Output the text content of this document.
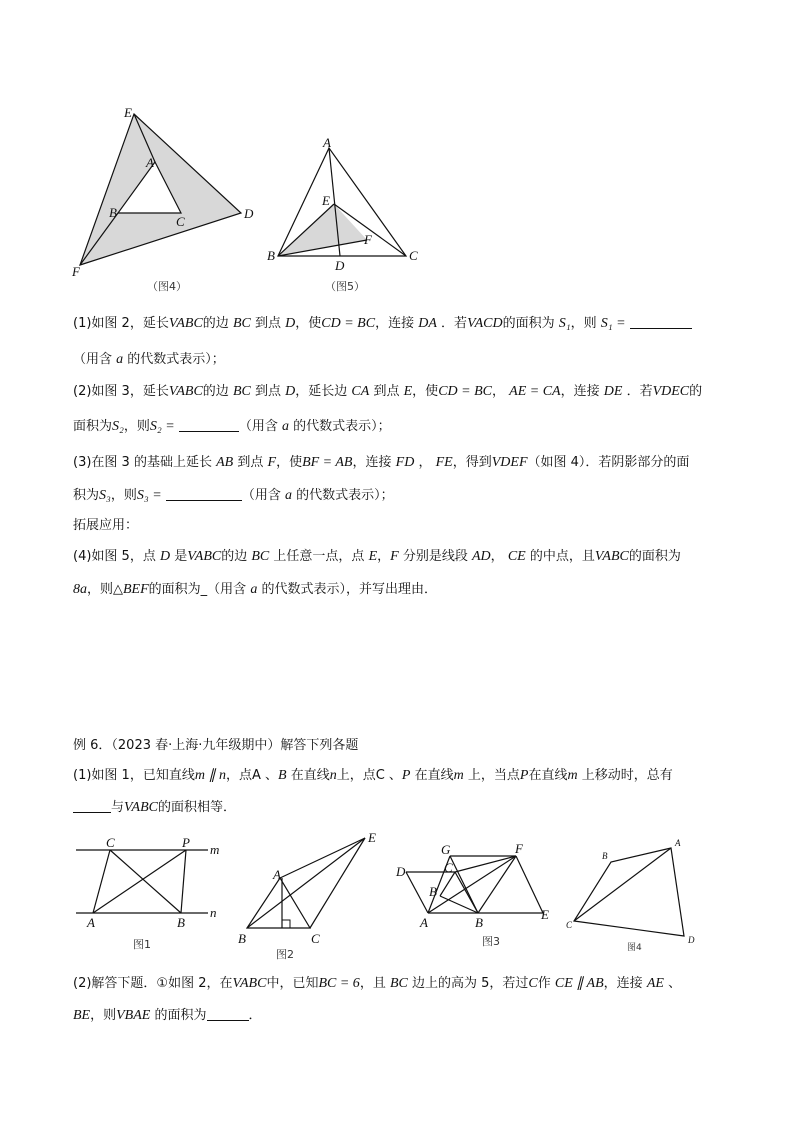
E
A
B
C
D
F
（图4）
A
E
F
B
D
C
（图5）
(1)如图 2，延长VABC的边 BC 到点 D，使CD = BC，连接 DA ．若VACD的面积为 S₁，则 S₁ =
（用含 a 的代数式表示）；
(2)如图 3，延长VABC的边 BC 到点 D，延长边 CA 到点 E，使CD = BC， AE = CA，连接 DE ．若VDEC的
面积为S₂，则S₂ =	（用含 a 的代数式表示）；
(3)在图 3 的基础上延长 AB 到点 F，使BF = AB，连接 FD ， FE，得到VDEF（如图 4）．若阴影部分的面
积为S₃，则S₃ =	（用含 a 的代数式表示）；
拓展应用：
(4)如图 5，点 D 是VABC的边 BC 上任意一点，点 E，F 分别是线段 AD， CE 的中点，且VABC的面积为
8a，则△BEF的面积为_（用含 a 的代数式表示），并写出理由．
例 6．（2023 春·上海·九年级期中）解答下列各题
(1)如图 1，已知直线m ∥ n，点A 、B 在直线n上，点C 、P 在直线m 上，当点P在直线m 上移动时，总有
与VABC的面积相等．
C	P m
A	B
n
图1
E
A
B	C
图2
G	F
C
D
B
A	B
E
图3
A
B
C
D
图4
(2)解答下题．①如图 2，在VABC中，已知BC = 6，且 BC 边上的高为 5，若过C作 CE ∥ AB，连接 AE 、
BE，则VBAE 的面积为	．
